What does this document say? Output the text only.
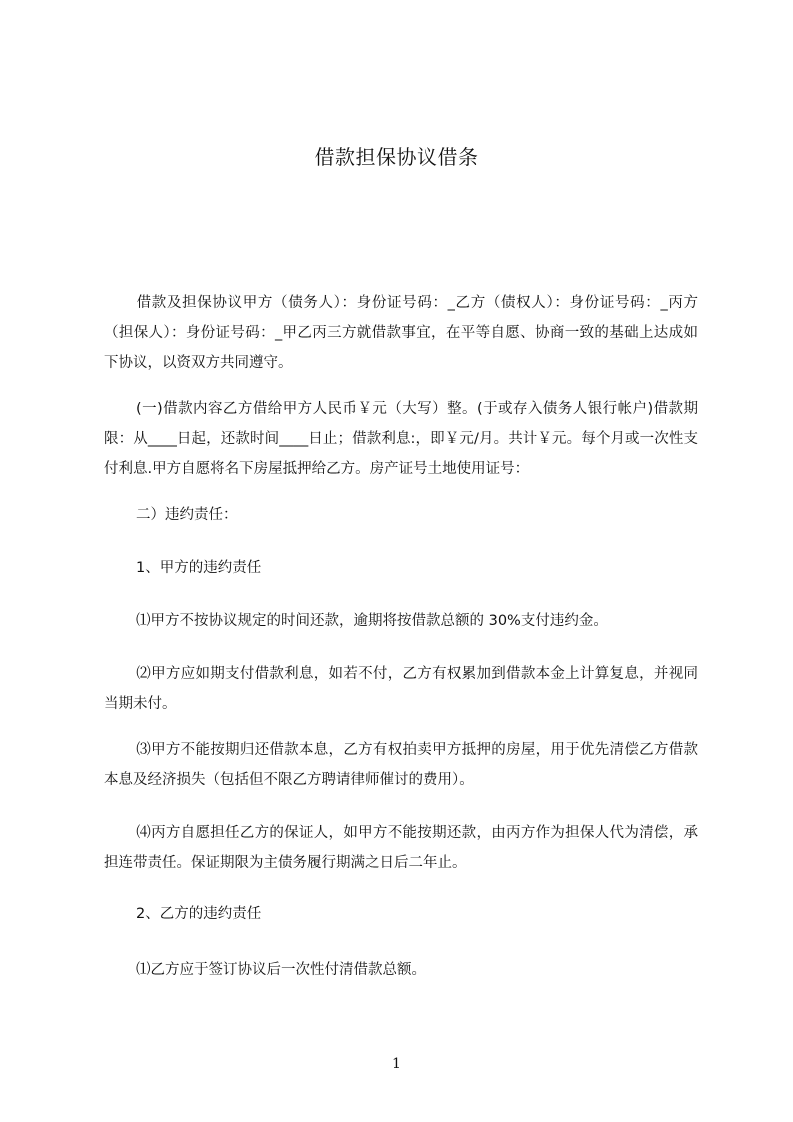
借款担保协议借条
借款及担保协议甲方（债务人）：身份证号码：_乙方（债权人）：身份证号码：_丙方（担保人）：身份证号码：_甲乙丙三方就借款事宜，在平等自愿、协商一致的基础上达成如下协议，以资双方共同遵守。
(一)借款内容乙方借给甲方人民币￥元（大写）整。(于或存入债务人银行帐户)借款期限：从____日起，还款时间____日止；借款利息:，即￥元/月。共计￥元。每个月或一次性支付利息.甲方自愿将名下房屋抵押给乙方。房产证号土地使用证号：
二）违约责任：
1、甲方的违约责任
⑴甲方不按协议规定的时间还款，逾期将按借款总额的 30%支付违约金。
⑵甲方应如期支付借款利息，如若不付，乙方有权累加到借款本金上计算复息，并视同当期未付。
⑶甲方不能按期归还借款本息，乙方有权拍卖甲方抵押的房屋，用于优先清偿乙方借款本息及经济损失（包括但不限乙方聘请律师催讨的费用）。
⑷丙方自愿担任乙方的保证人，如甲方不能按期还款，由丙方作为担保人代为清偿，承担连带责任。保证期限为主债务履行期满之日后二年止。
2、乙方的违约责任
⑴乙方应于签订协议后一次性付清借款总额。
1
